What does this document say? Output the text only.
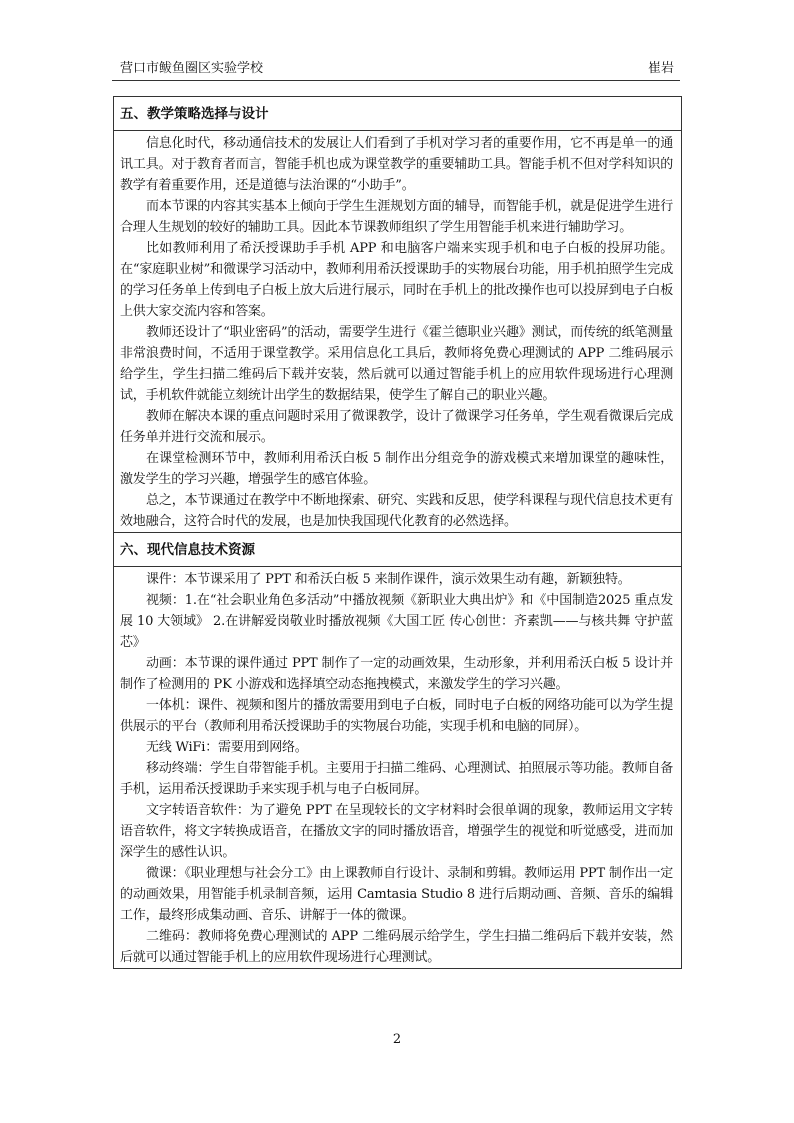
营口市鲅鱼圈区实验学校	崔岩
五、教学策略选择与设计

信息化时代，移动通信技术的发展让人们看到了手机对学习者的重要作用，它不再是单一的通讯工具。对于教育者而言，智能手机也成为课堂教学的重要辅助工具。智能手机不但对学科知识的教学有着重要作用，还是道德与法治课的“小助手”。

而本节课的内容其实基本上倾向于学生生涯规划方面的辅导，而智能手机，就是促进学生进行合理人生规划的较好的辅助工具。因此本节课教师组织了学生用智能手机来进行辅助学习。

比如教师利用了希沃授课助手手机 APP 和电脑客户端来实现手机和电子白板的投屏功能。在“家庭职业树”和微课学习活动中，教师利用希沃授课助手的实物展台功能，用手机拍照学生完成的学习任务单上传到电子白板上放大后进行展示，同时在手机上的批改操作也可以投屏到电子白板上供大家交流内容和答案。

教师还设计了“职业密码”的活动，需要学生进行《霍兰德职业兴趣》测试，而传统的纸笔测量非常浪费时间，不适用于课堂教学。采用信息化工具后，教师将免费心理测试的 APP 二维码展示给学生，学生扫描二维码后下载并安装，然后就可以通过智能手机上的应用软件现场进行心理测试，手机软件就能立刻统计出学生的数据结果，使学生了解自己的职业兴趣。

教师在解决本课的重点问题时采用了微课教学，设计了微课学习任务单，学生观看微课后完成任务单并进行交流和展示。

在课堂检测环节中，教师利用希沃白板 5 制作出分组竞争的游戏模式来增加课堂的趣味性，激发学生的学习兴趣，增强学生的感官体验。

总之，本节课通过在教学中不断地探索、研究、实践和反思，使学科课程与现代信息技术更有效地融合，这符合时代的发展，也是加快我国现代化教育的必然选择。

六、现代信息技术资源

课件：本节课采用了 PPT 和希沃白板 5 来制作课件，演示效果生动有趣，新颖独特。

视频：1.在“社会职业角色多活动”中播放视频《新职业大典出炉》和《中国制造2025 重点发展 10 大领域》 2.在讲解爱岗敬业时播放视频《大国工匠 传心创世：齐素凯——与核共舞 守护蓝芯》

动画：本节课的课件通过 PPT 制作了一定的动画效果，生动形象，并利用希沃白板 5 设计并制作了检测用的 PK 小游戏和选择填空动态拖拽模式，来激发学生的学习兴趣。

一体机：课件、视频和图片的播放需要用到电子白板，同时电子白板的网络功能可以为学生提供展示的平台（教师利用希沃授课助手的实物展台功能，实现手机和电脑的同屏）。

无线 WiFi：需要用到网络。

移动终端：学生自带智能手机。主要用于扫描二维码、心理测试、拍照展示等功能。教师自备手机，运用希沃授课助手来实现手机与电子白板同屏。

文字转语音软件：为了避免 PPT 在呈现较长的文字材料时会很单调的现象，教师运用文字转语音软件，将文字转换成语音，在播放文字的同时播放语音，增强学生的视觉和听觉感受，进而加深学生的感性认识。

微课：《职业理想与社会分工》由上课教师自行设计、录制和剪辑。教师运用 PPT 制作出一定的动画效果，用智能手机录制音频，运用 Camtasia Studio 8 进行后期动画、音频、音乐的编辑工作，最终形成集动画、音乐、讲解于一体的微课。

二维码：教师将免费心理测试的 APP 二维码展示给学生，学生扫描二维码后下载并安装，然后就可以通过智能手机上的应用软件现场进行心理测试。

2
